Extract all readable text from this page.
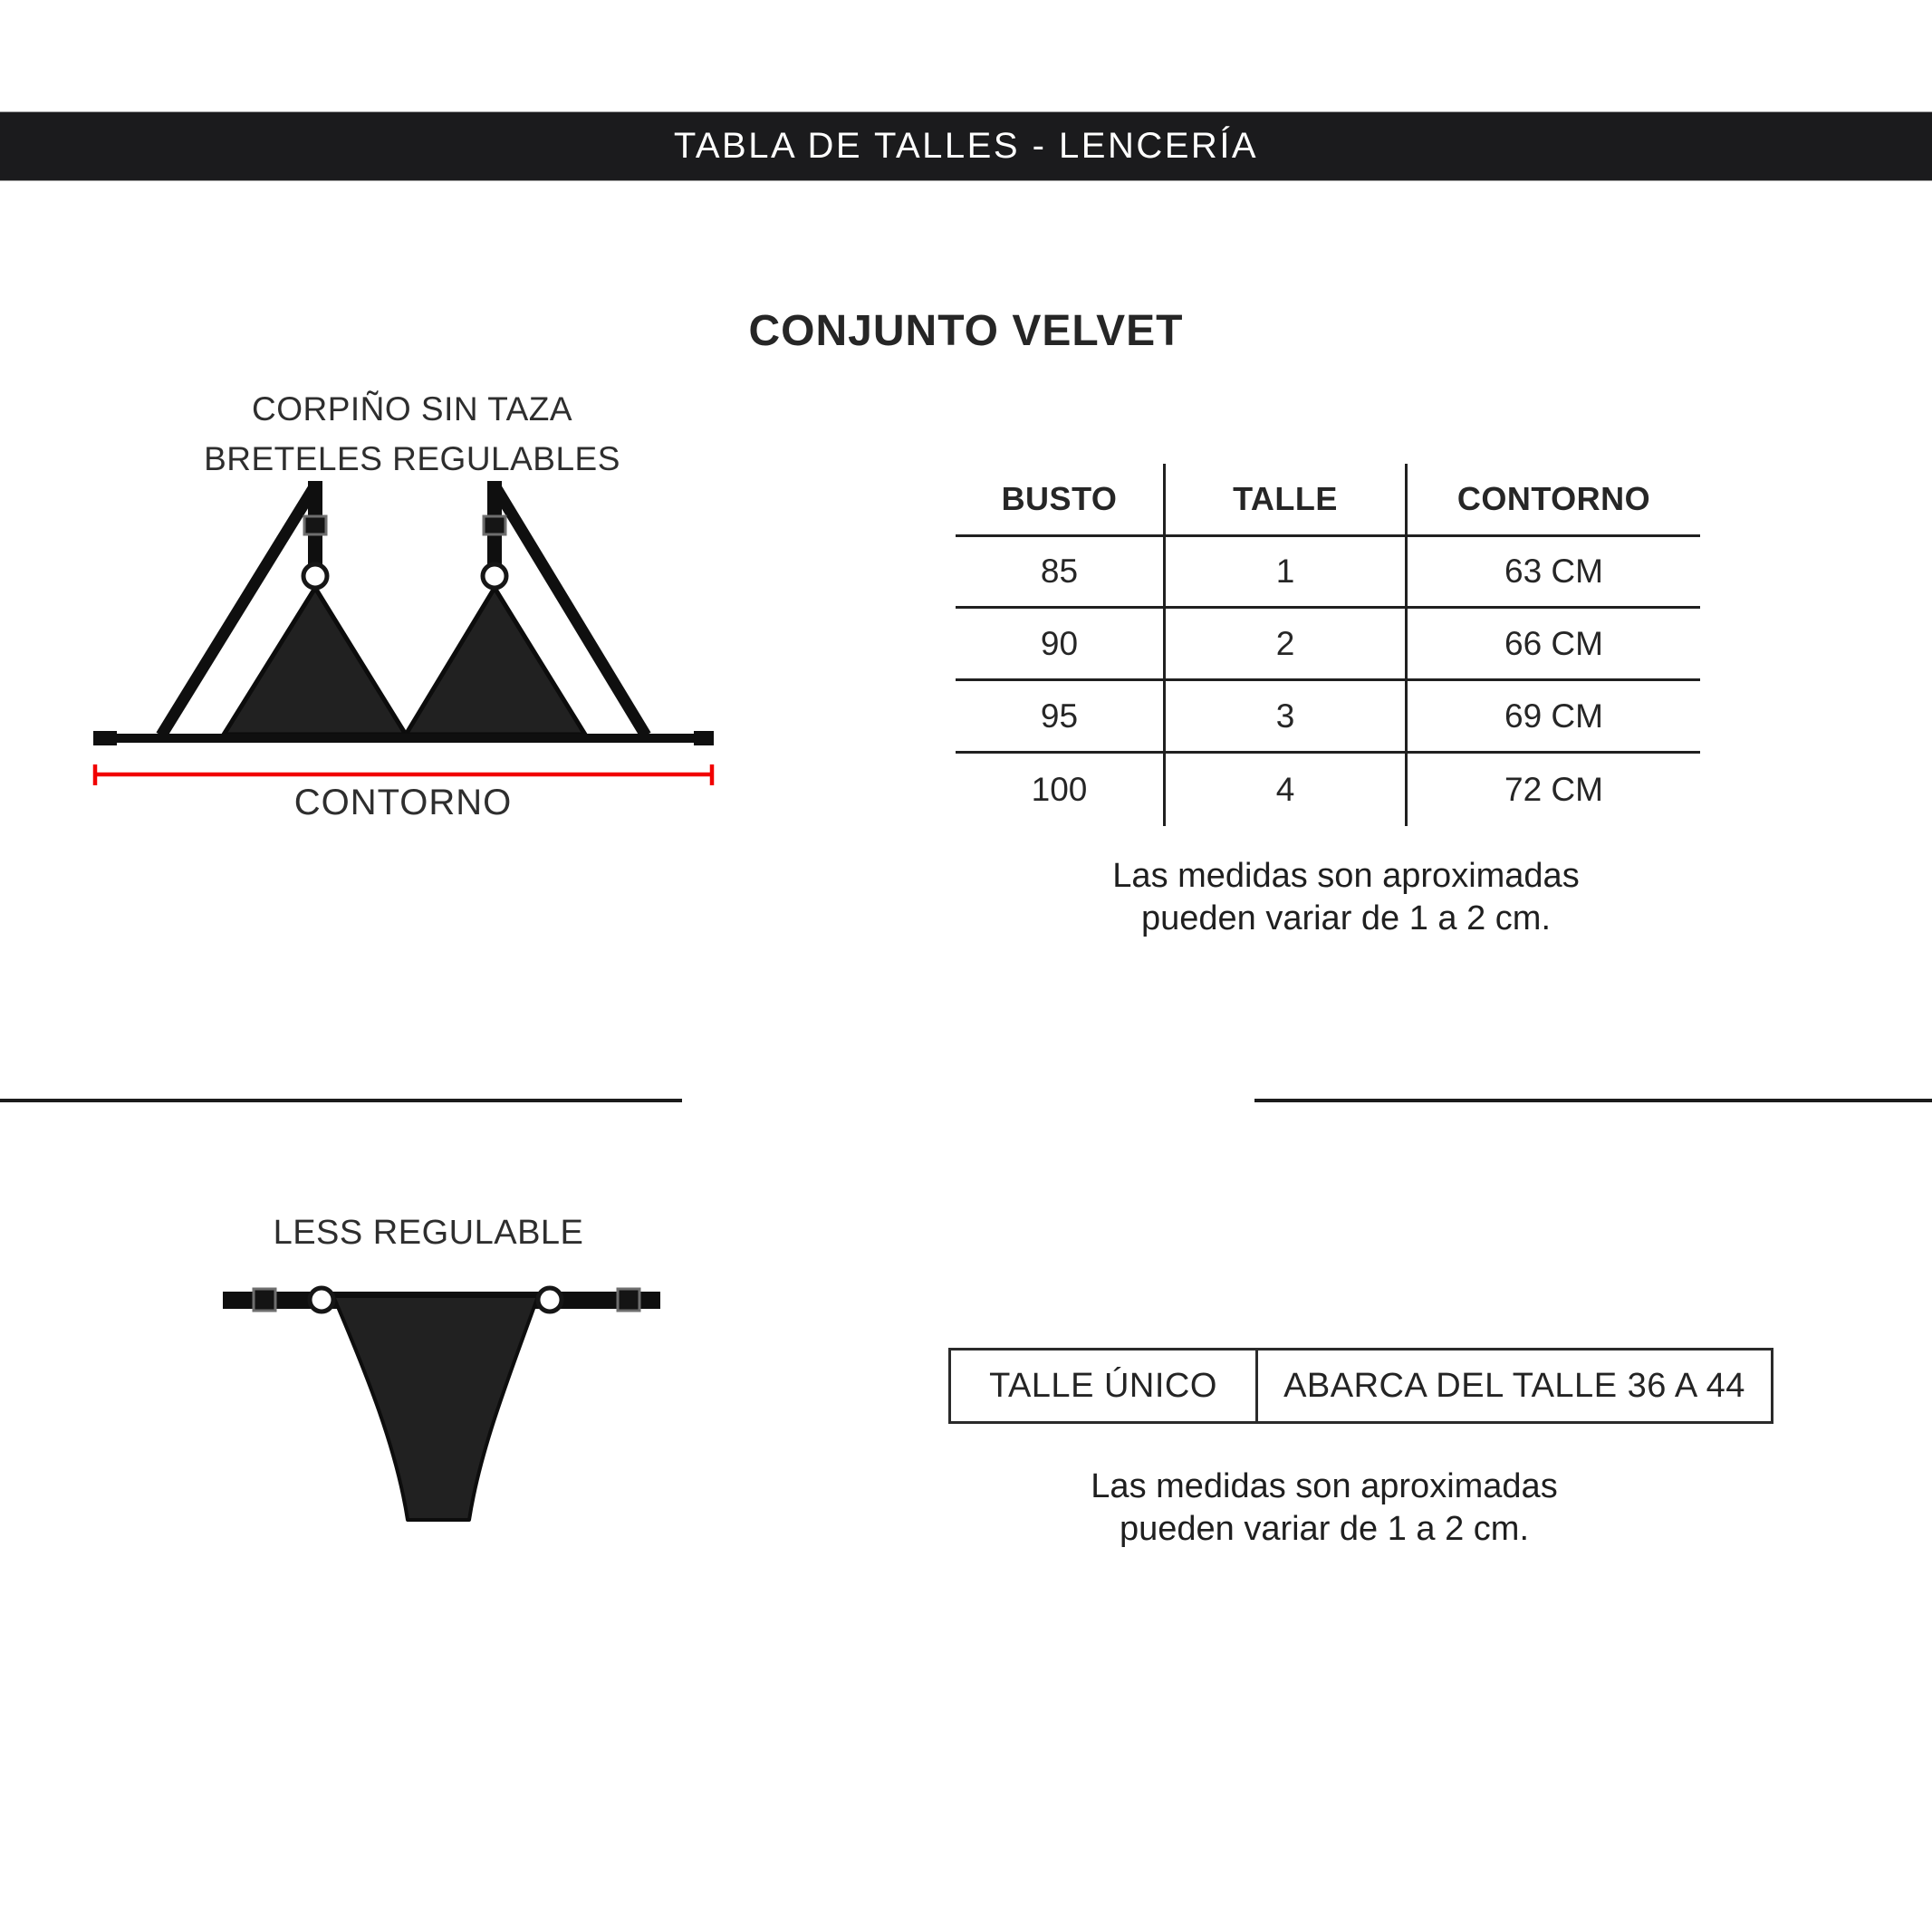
TABLA DE TALLES - LENCERÍA
CONJUNTO VELVET
CORPIÑO SIN TAZA
BRETELES REGULABLES
CONTORNO
BUSTO	TALLE	CONTORNO
85	1	63 CM
90	2	66 CM
95	3	69 CM
100	4	72 CM
Las medidas son aproximadas
pueden variar de 1 a 2 cm.
LESS REGULABLE
TALLE ÚNICO	ABARCA DEL TALLE 36 A 44
Las medidas son aproximadas
pueden variar de 1 a 2 cm.
